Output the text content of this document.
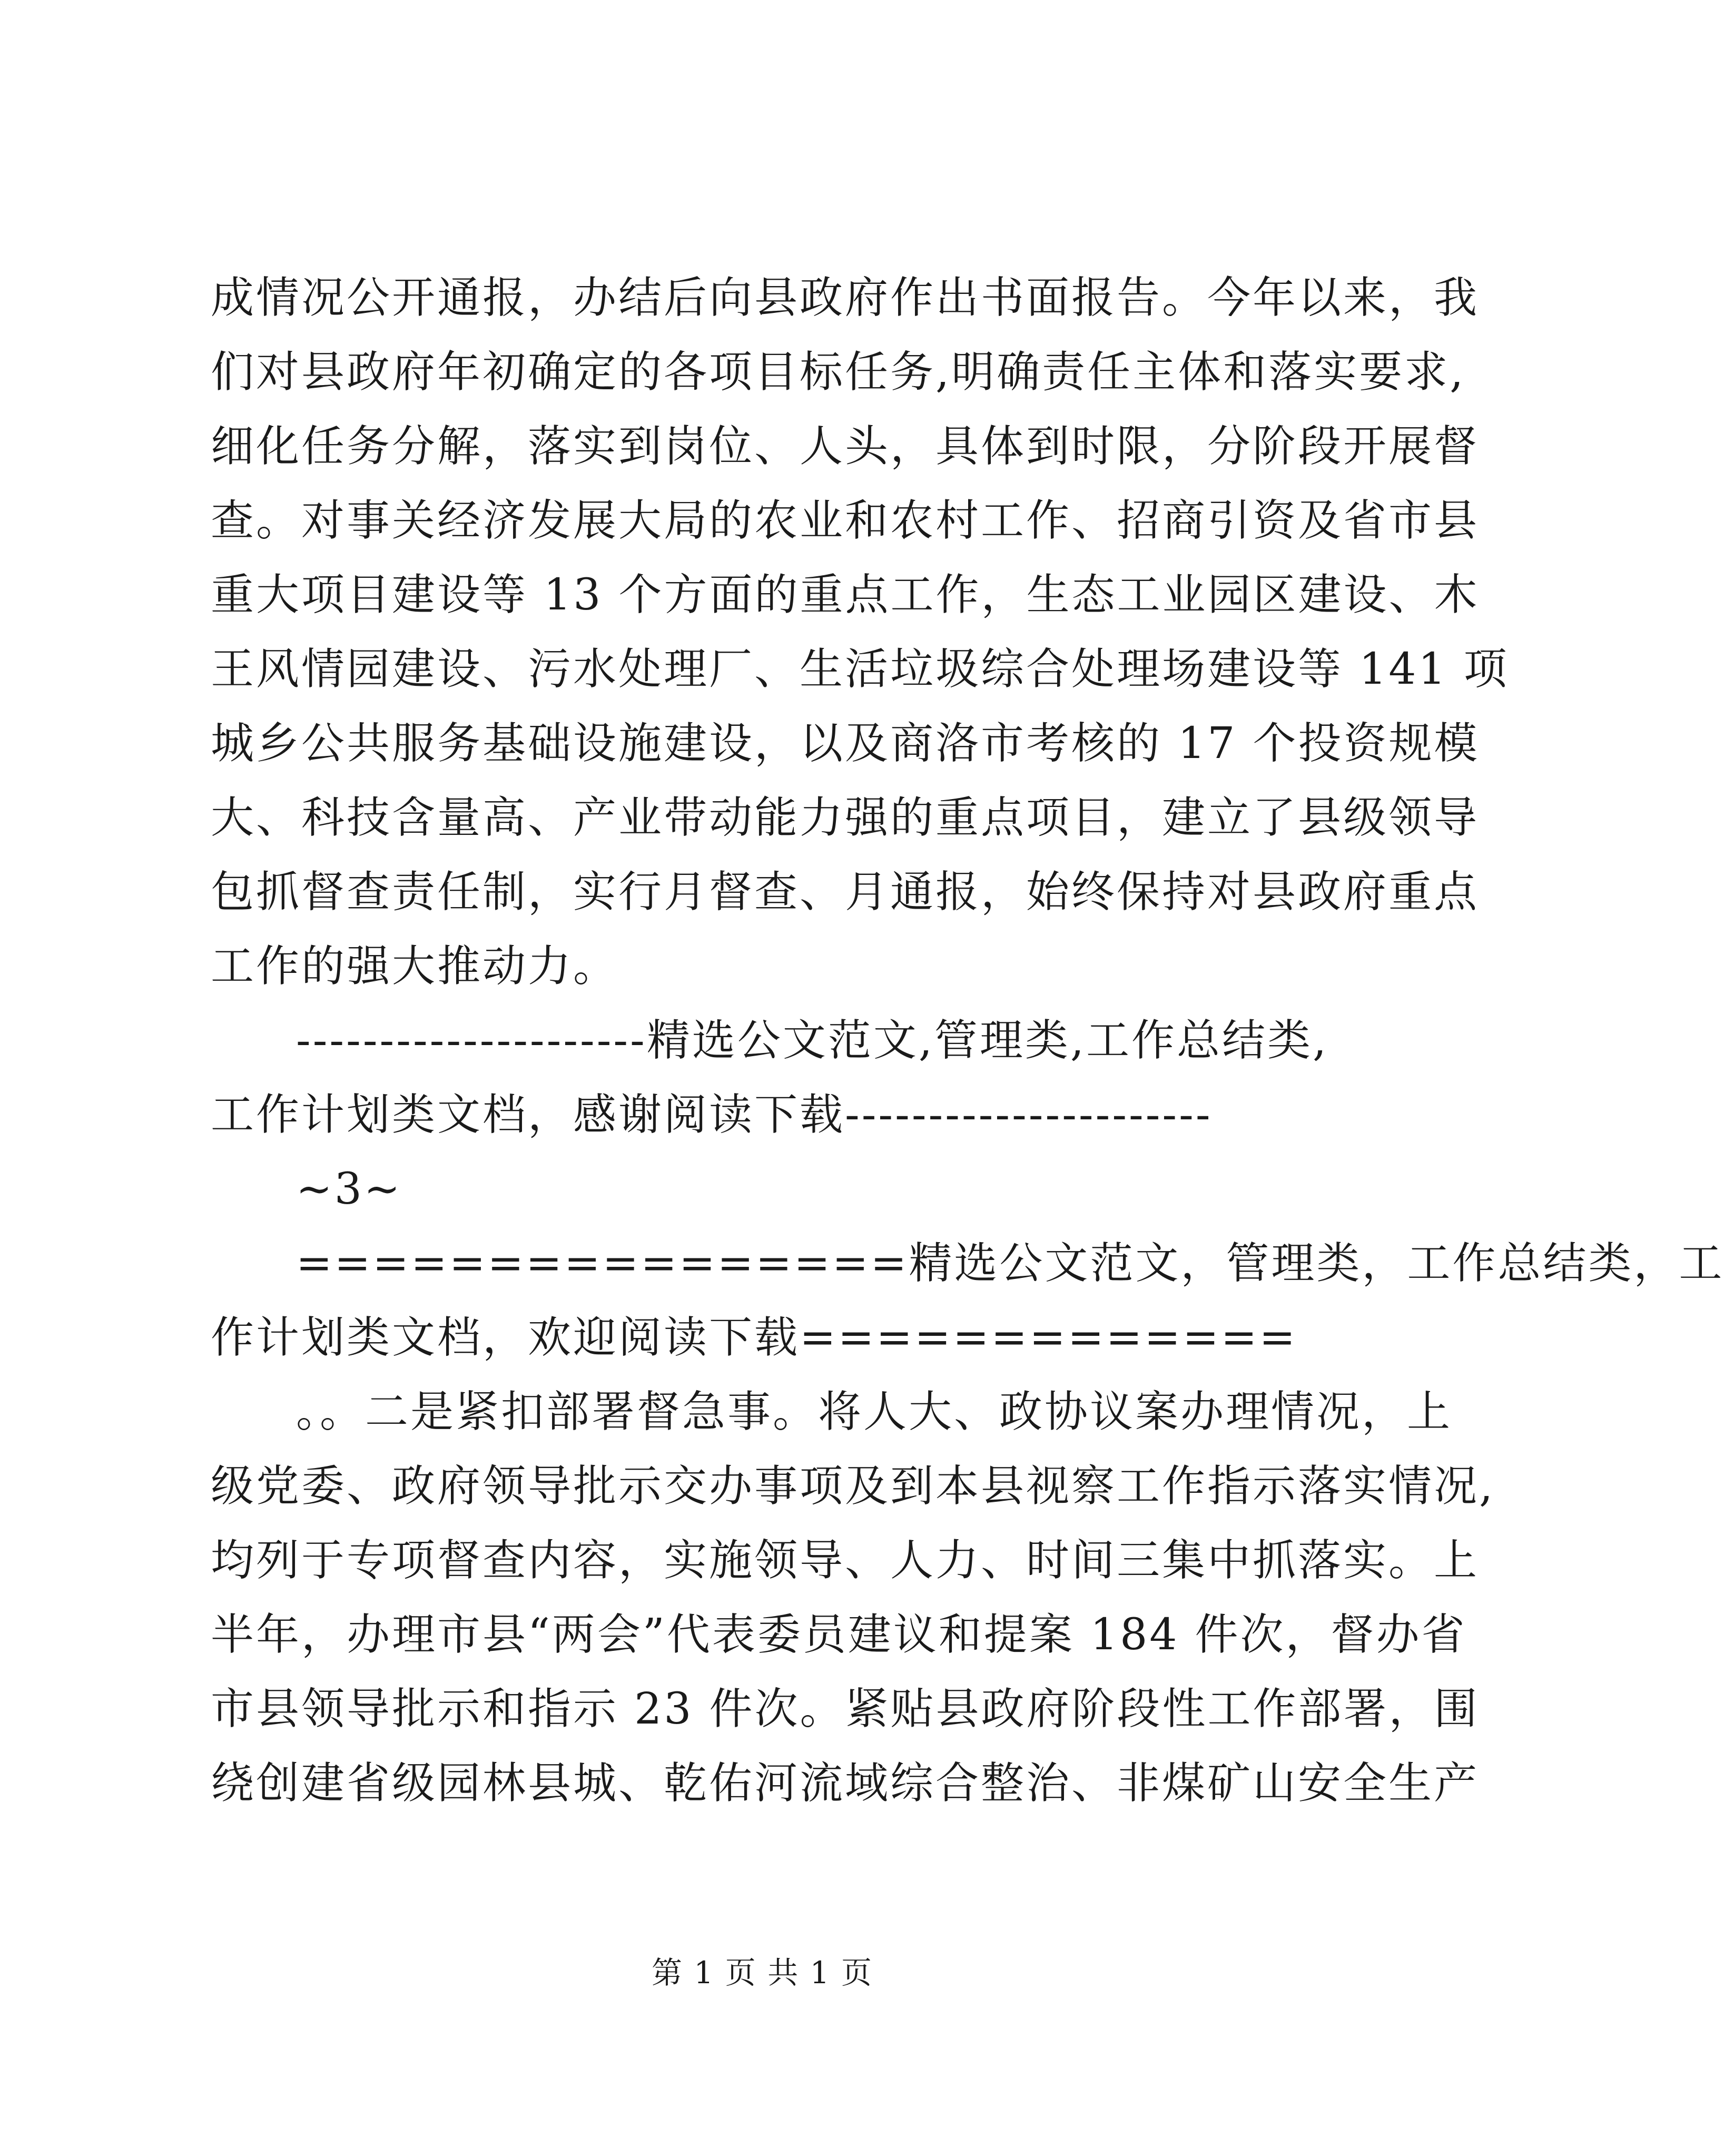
成情况公开通报，办结后向县政府作出书面报告。今年以来，我
们对县政府年初确定的各项目标任务,明确责任主体和落实要求,
细化任务分解，落实到岗位、人头，具体到时限，分阶段开展督
查。对事关经济发展大局的农业和农村工作、招商引资及省市县
重大项目建设等 13 个方面的重点工作，生态工业园区建设、木
王风情园建设、污水处理厂、生活垃圾综合处理场建设等 141 项
城乡公共服务基础设施建设，以及商洛市考核的 17 个投资规模
大、科技含量高、产业带动能力强的重点项目，建立了县级领导
包抓督查责任制，实行月督查、月通报，始终保持对县政府重点
工作的强大推动力。
---------------------精选公文范文,管理类,工作总结类,
工作计划类文档，感谢阅读下载----------------------
~3~
================精选公文范文，管理类，工作总结类，工
作计划类文档，欢迎阅读下载=============
。。二是紧扣部署督急事。将人大、政协议案办理情况，上
级党委、政府领导批示交办事项及到本县视察工作指示落实情况,
均列于专项督查内容，实施领导、人力、时间三集中抓落实。上
半年，办理市县“两会”代表委员建议和提案 184 件次，督办省
市县领导批示和指示 23 件次。紧贴县政府阶段性工作部署，围
绕创建省级园林县城、乾佑河流域综合整治、非煤矿山安全生产
第 1 页 共 1 页
